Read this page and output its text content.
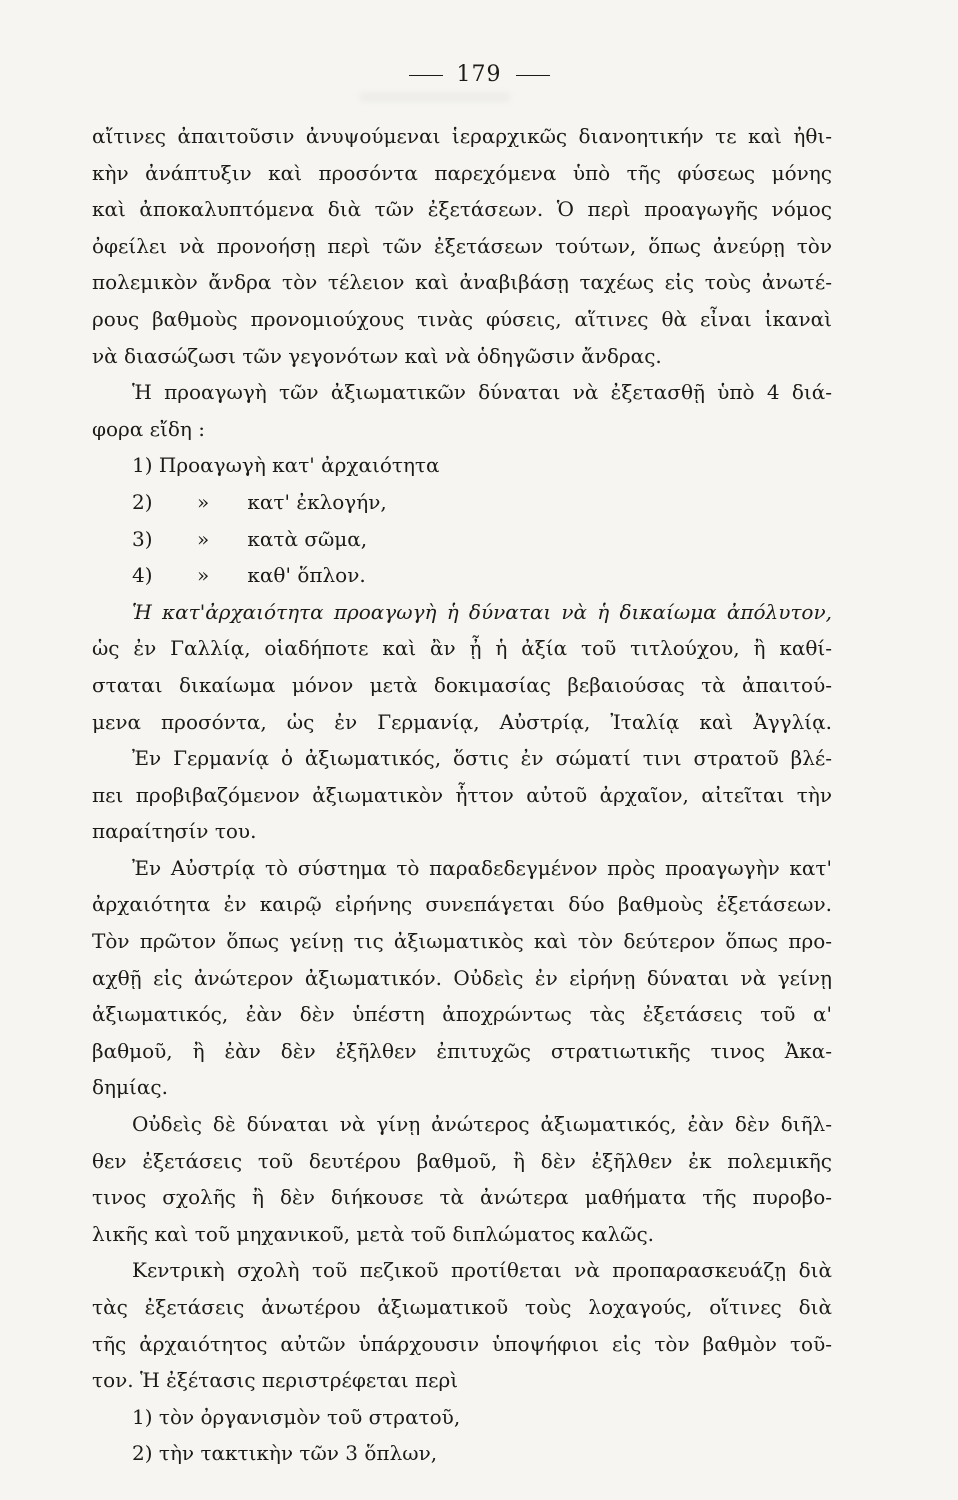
179
αἴτινες ἀπαιτοῦσιν ἀνυψούμεναι ἱεραρχικῶς διανοητικήν τε καὶ ἠθι-
κὴν ἀνάπτυξιν καὶ προσόντα παρεχόμενα ὑπὸ τῆς φύσεως μόνης
καὶ ἀποκαλυπτόμενα διὰ τῶν ἐξετάσεων. Ὁ περὶ προαγωγῆς νόμος
ὀφείλει νὰ προνοήσῃ περὶ τῶν ἐξετάσεων τούτων, ὅπως ἀνεύρῃ τὸν
πολεμικὸν ἄνδρα τὸν τέλειον καὶ ἀναβιβάσῃ ταχέως εἰς τοὺς ἀνωτέ-
ρους βαθμοὺς προνομιούχους τινὰς φύσεις, αἵτινες θὰ εἶναι ἱκαναὶ
νὰ διασώζωσι τῶν γεγονότων καὶ νὰ ὁδηγῶσιν ἄνδρας.
Ἡ προαγωγὴ τῶν ἀξιωματικῶν δύναται νὰ ἐξετασθῇ ὑπὸ 4 διά-
φορα εἴδη :
1) Προαγωγὴ κατ' ἀρχαιότητα
2)       »      κατ' ἐκλογήν,
3)       »      κατὰ σῶμα,
4)       »      καθ' ὅπλον.
Ἡ κατ'ἀρχαιότητα προαγωγὴ ἡ δύναται νὰ ἡ δικαίωμα ἀπόλυτον,
ὡς ἐν Γαλλίᾳ, οἱαδήποτε καὶ ἂν ᾖ ἡ ἀξία τοῦ τιτλούχου, ἢ καθί-
σταται δικαίωμα μόνον μετὰ δοκιμασίας βεβαιούσας τὰ ἀπαιτού-
μενα προσόντα, ὡς ἐν Γερμανίᾳ, Αὐστρίᾳ, Ἰταλίᾳ καὶ Ἀγγλίᾳ.
Ἐν Γερμανίᾳ ὁ ἀξιωματικός, ὅστις ἐν σώματί τινι στρατοῦ βλέ-
πει προβιβαζόμενον ἀξιωματικὸν ἧττον αὐτοῦ ἀρχαῖον, αἰτεῖται τὴν
παραίτησίν του.
Ἐν Αὐστρίᾳ τὸ σύστημα τὸ παραδεδεγμένον πρὸς προαγωγὴν κατ'
ἀρχαιότητα ἐν καιρῷ εἰρήνης συνεπάγεται δύο βαθμοὺς ἐξετάσεων.
Τὸν πρῶτον ὅπως γείνῃ τις ἀξιωματικὸς καὶ τὸν δεύτερον ὅπως προ-
αχθῇ εἰς ἀνώτερον ἀξιωματικόν. Οὐδεὶς ἐν εἰρήνῃ δύναται νὰ γείνῃ
ἀξιωματικός, ἐὰν δὲν ὑπέστη ἀποχρώντως τὰς ἐξετάσεις τοῦ α'
βαθμοῦ, ἢ ἐὰν δὲν ἐξῆλθεν ἐπιτυχῶς στρατιωτικῆς τινος Ἀκα-
δημίας.
Οὐδεὶς δὲ δύναται νὰ γίνῃ ἀνώτερος ἀξιωματικός, ἐὰν δὲν διῆλ-
θεν ἐξετάσεις τοῦ δευτέρου βαθμοῦ, ἢ δὲν ἐξῆλθεν ἐκ πολεμικῆς
τινος σχολῆς ἢ δὲν διήκουσε τὰ ἀνώτερα μαθήματα τῆς πυροβο-
λικῆς καὶ τοῦ μηχανικοῦ, μετὰ τοῦ διπλώματος καλῶς.
Κεντρικὴ σχολὴ τοῦ πεζικοῦ προτίθεται νὰ προπαρασκευάζῃ διὰ
τὰς ἐξετάσεις ἀνωτέρου ἀξιωματικοῦ τοὺς λοχαγούς, οἵτινες διὰ
τῆς ἀρχαιότητος αὐτῶν ὑπάρχουσιν ὑποψήφιοι εἰς τὸν βαθμὸν τοῦ-
τον. Ἡ ἐξέτασις περιστρέφεται περὶ
1) τὸν ὀργανισμὸν τοῦ στρατοῦ,
2) τὴν τακτικὴν τῶν 3 ὅπλων,
